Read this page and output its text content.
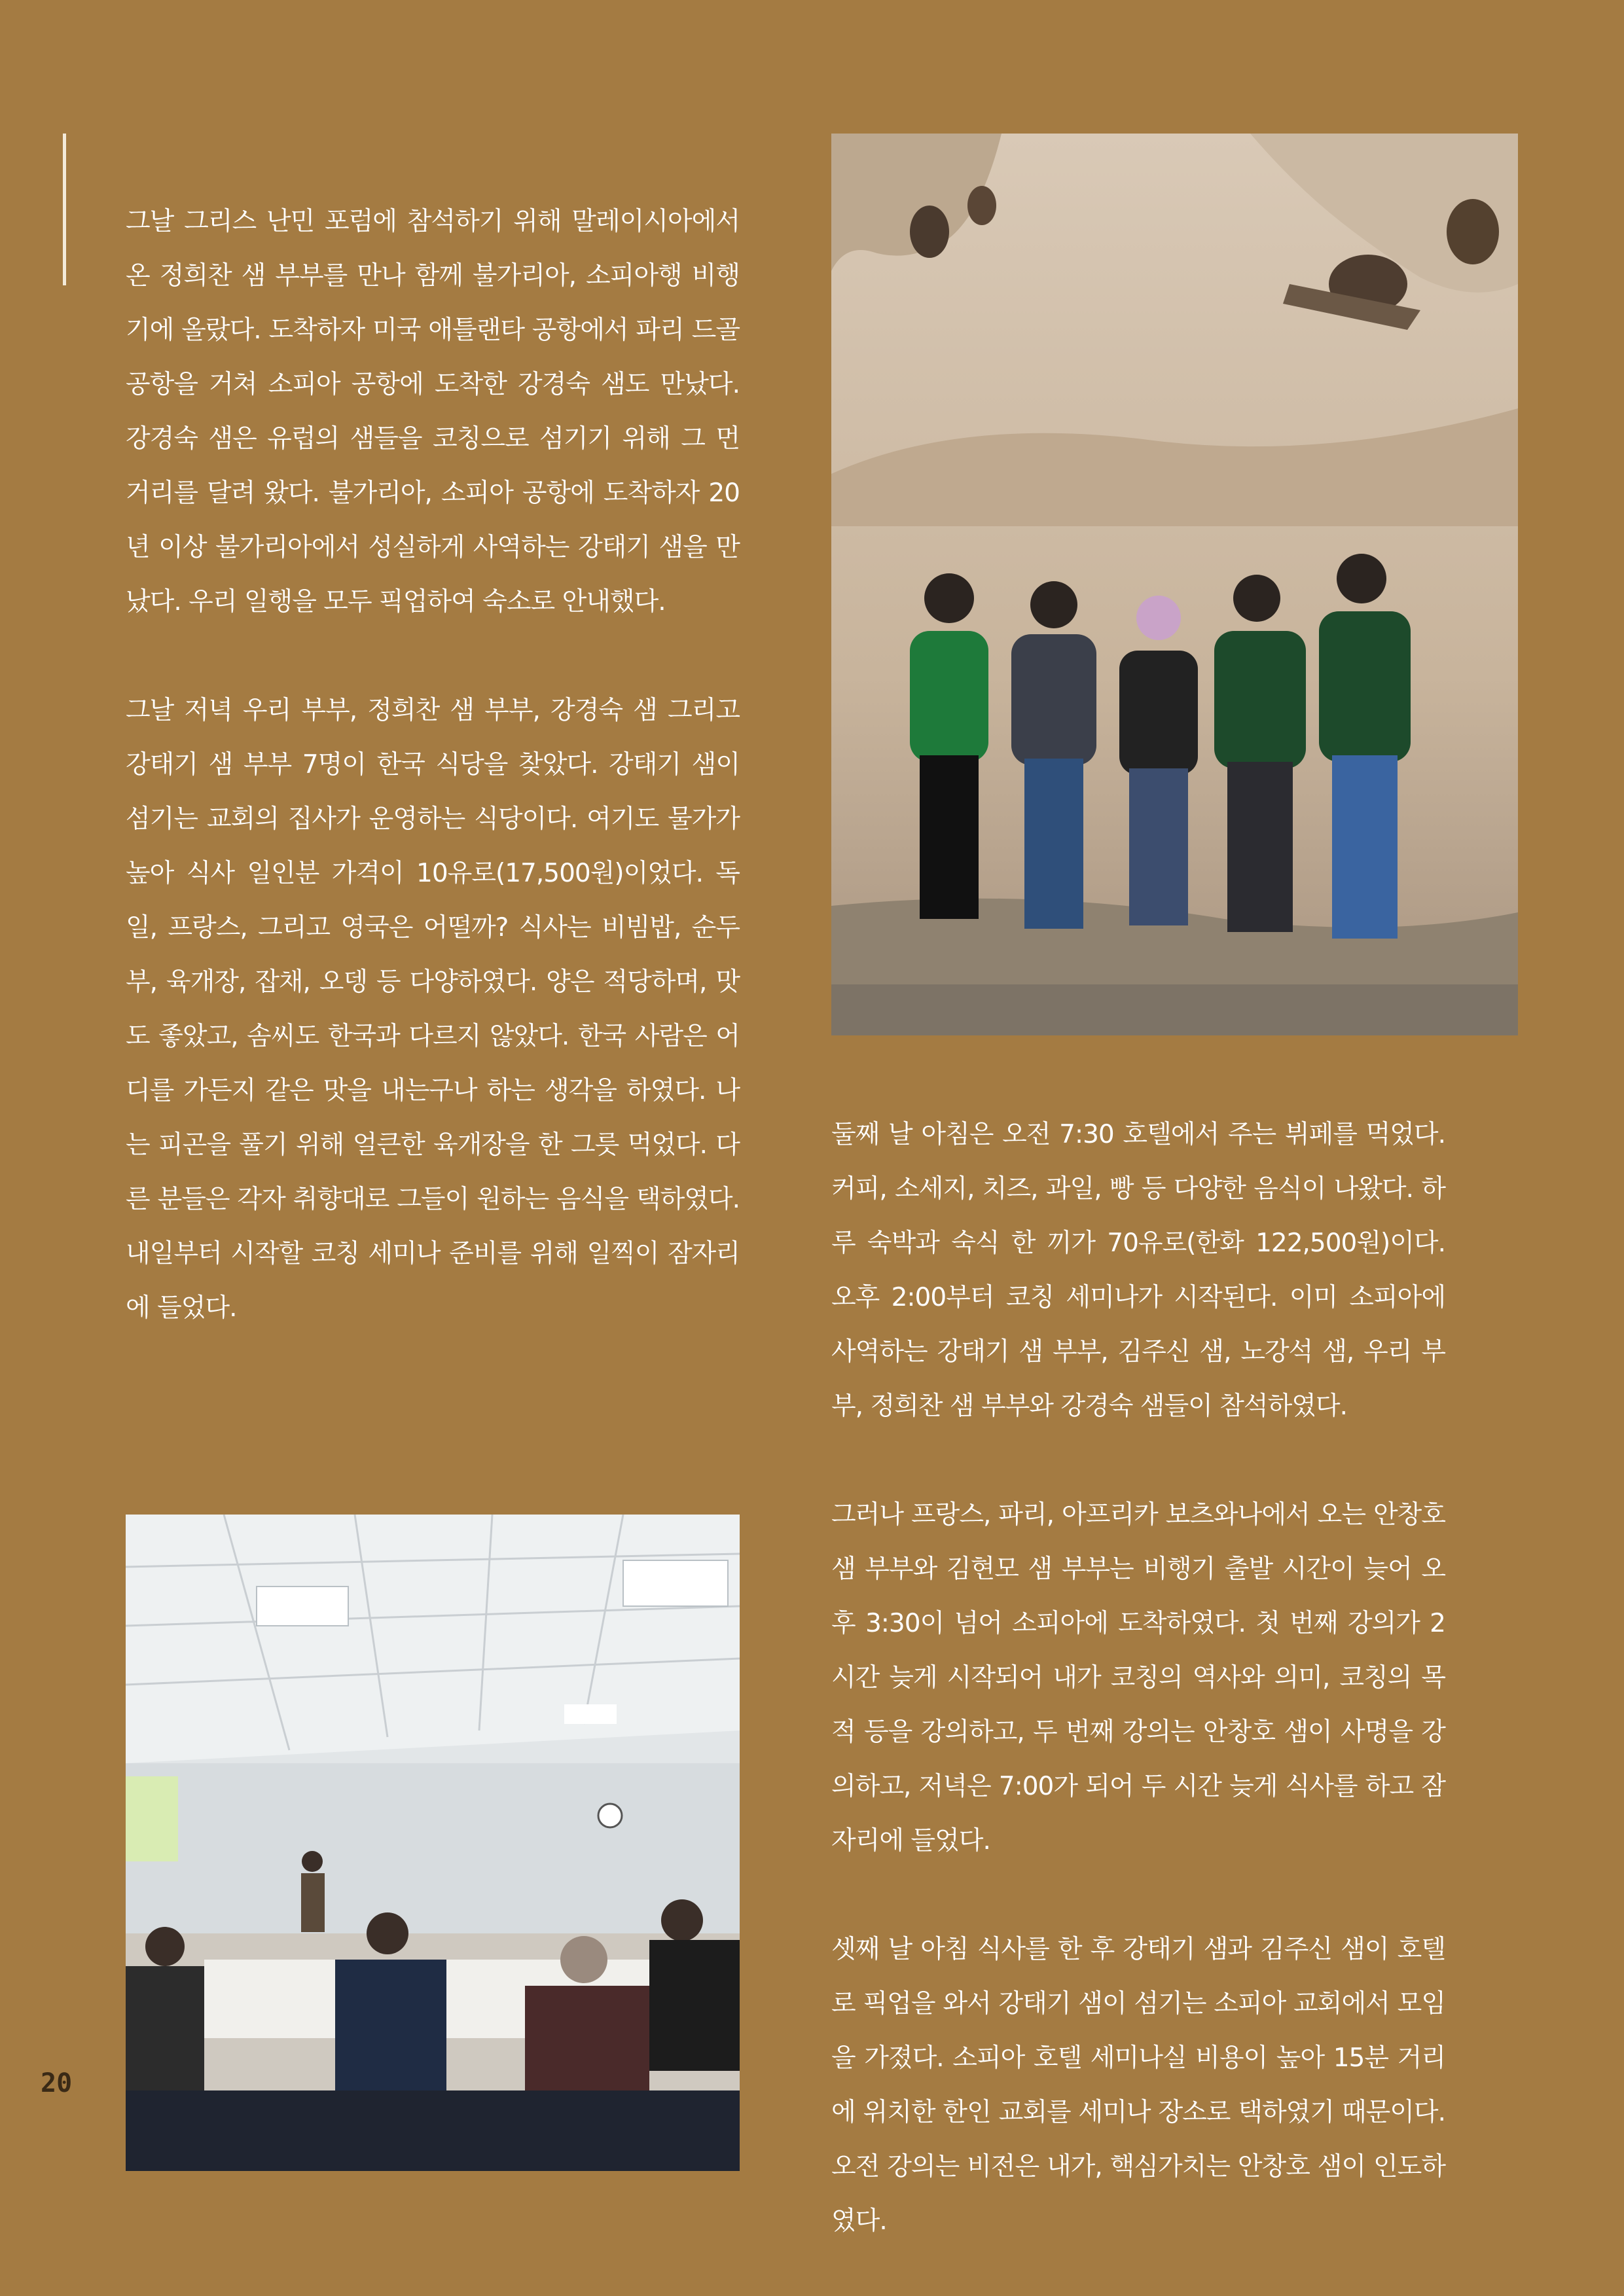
그날 그리스 난민 포럼에 참석하기 위해 말레이시아에서 온 정희찬 샘 부부를 만나 함께 불가리아, 소피아행 비행기에 올랐다. 도착하자 미국 애틀랜타 공항에서 파리 드골 공항을 거쳐 소피아 공항에 도착한 강경숙 샘도 만났다. 강경숙 샘은 유럽의 샘들을 코칭으로 섬기기 위해 그 먼 거리를 달려 왔다. 불가리아, 소피아 공항에 도착하자 20년 이상 불가리아에서 성실하게 사역하는 강태기 샘을 만났다. 우리 일행을 모두 픽업하여 숙소로 안내했다.

그날 저녁 우리 부부, 정희찬 샘 부부, 강경숙 샘 그리고 강태기 샘 부부 7명이 한국 식당을 찾았다. 강태기 샘이 섬기는 교회의 집사가 운영하는 식당이다. 여기도 물가가 높아 식사 일인분 가격이 10유로(17,500원)이었다. 독일, 프랑스, 그리고 영국은 어떨까? 식사는 비빔밥, 순두부, 육개장, 잡채, 오뎅 등 다양하였다. 양은 적당하며, 맛도 좋았고, 솜씨도 한국과 다르지 않았다. 한국 사람은 어디를 가든지 같은 맛을 내는구나 하는 생각을 하였다. 나는 피곤을 풀기 위해 얼큰한 육개장을 한 그릇 먹었다. 다른 분들은 각자 취향대로 그들이 원하는 음식을 택하였다. 내일부터 시작할 코칭 세미나 준비를 위해 일찍이 잠자리에 들었다.

둘째 날 아침은 오전 7:30 호텔에서 주는 뷔페를 먹었다. 커피, 소세지, 치즈, 과일, 빵 등 다양한 음식이 나왔다. 하루 숙박과 숙식 한 끼가 70유로(한화 122,500원)이다. 오후 2:00부터 코칭 세미나가 시작된다. 이미 소피아에 사역하는 강태기 샘 부부, 김주신 샘, 노강석 샘, 우리 부부, 정희찬 샘 부부와 강경숙 샘들이 참석하였다.

그러나 프랑스, 파리, 아프리카 보츠와나에서 오는 안창호 샘 부부와 김현모 샘 부부는 비행기 출발 시간이 늦어 오후 3:30이 넘어 소피아에 도착하였다. 첫 번째 강의가 2시간 늦게 시작되어 내가 코칭의 역사와 의미, 코칭의 목적 등을 강의하고, 두 번째 강의는 안창호 샘이 사명을 강의하고, 저녁은 7:00가 되어 두 시간 늦게 식사를 하고 잠자리에 들었다.

셋째 날 아침 식사를 한 후 강태기 샘과 김주신 샘이 호텔로 픽업을 와서 강태기 샘이 섬기는 소피아 교회에서 모임을 가졌다. 소피아 호텔 세미나실 비용이 높아 15분 거리에 위치한 한인 교회를 세미나 장소로 택하였기 때문이다. 오전 강의는 비전은 내가, 핵심가치는 안창호 샘이 인도하였다.

20
